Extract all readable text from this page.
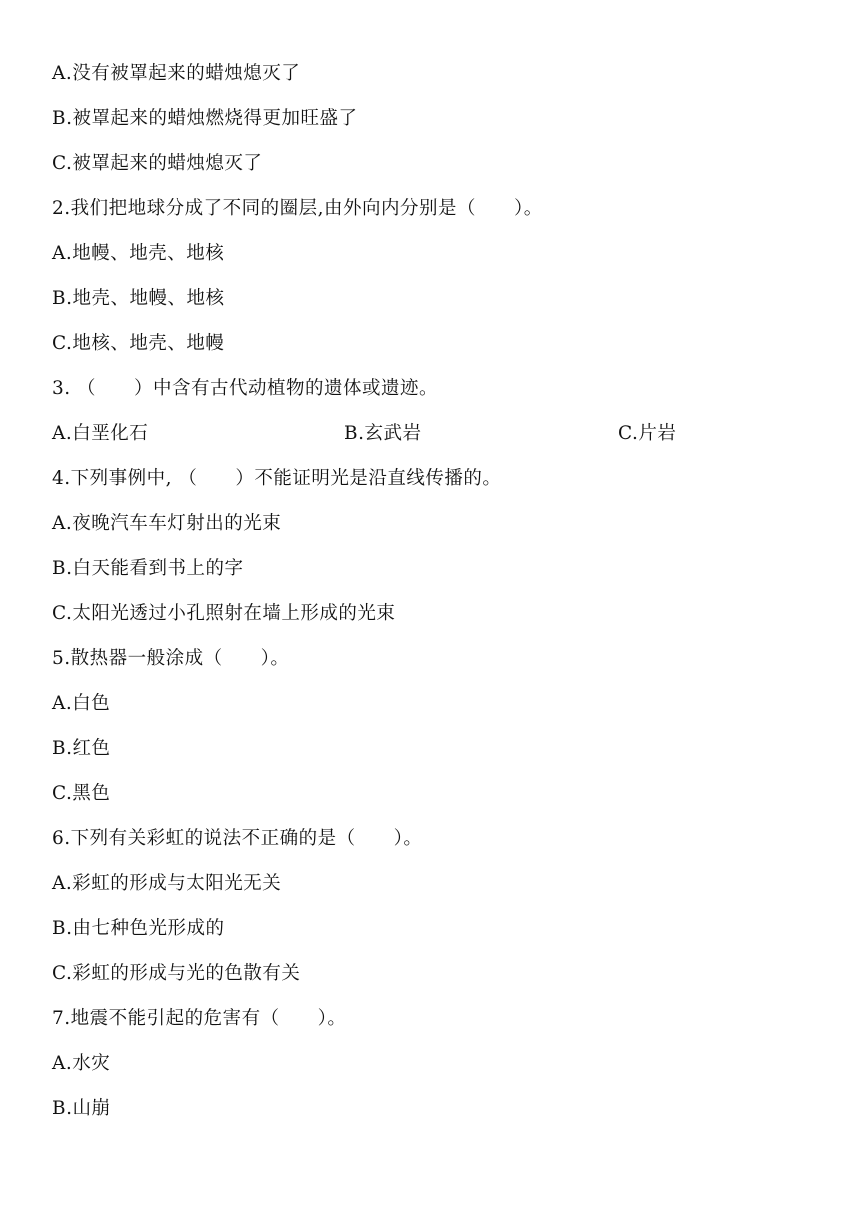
A.没有被罩起来的蜡烛熄灭了
B.被罩起来的蜡烛燃烧得更加旺盛了
C.被罩起来的蜡烛熄灭了
2.我们把地球分成了不同的圈层,由外向内分别是（　　）。
A.地幔、地壳、地核
B.地壳、地幔、地核
C.地核、地壳、地幔
3. （　　）中含有古代动植物的遗体或遗迹。
A.白垩化石	B.玄武岩	C.片岩
4.下列事例中, （　　）不能证明光是沿直线传播的。
A.夜晚汽车车灯射出的光束
B.白天能看到书上的字
C.太阳光透过小孔照射在墙上形成的光束
5.散热器一般涂成（　　）。
A.白色
B.红色
C.黑色
6.下列有关彩虹的说法不正确的是（　　）。
A.彩虹的形成与太阳光无关
B.由七种色光形成的
C.彩虹的形成与光的色散有关
7.地震不能引起的危害有（　　）。
A.水灾
B.山崩
